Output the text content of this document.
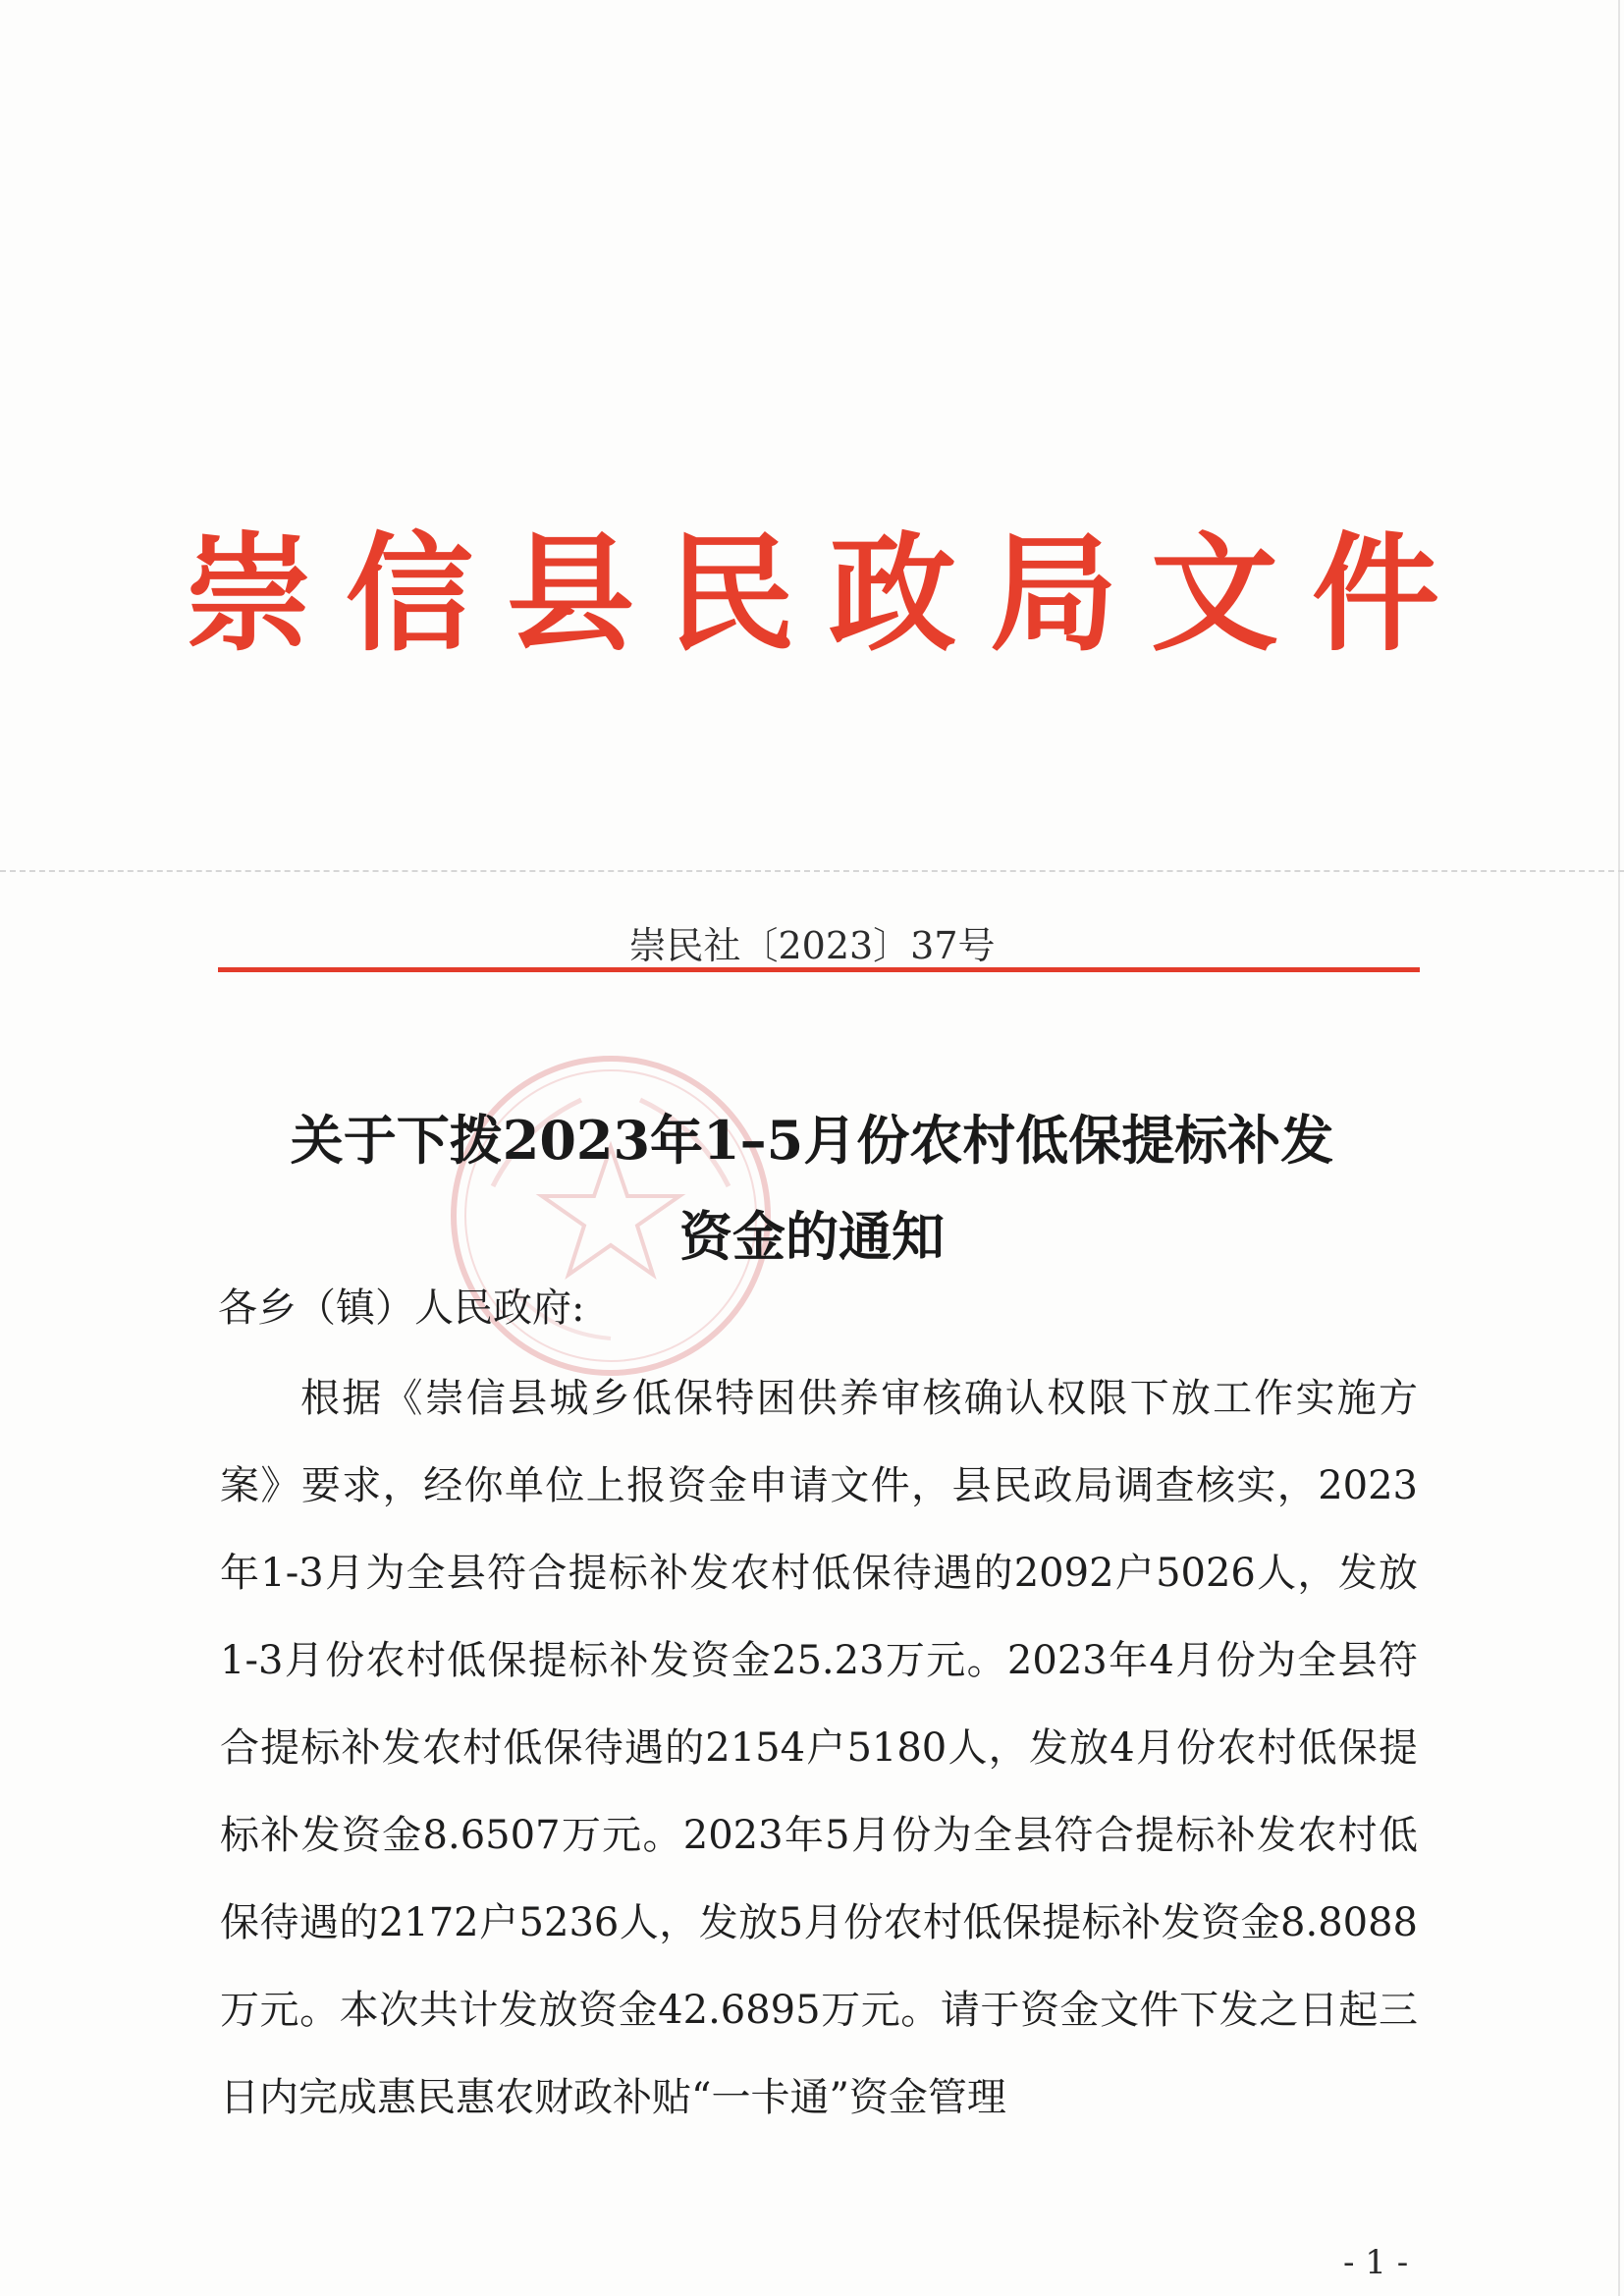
崇信县民政局文件
崇民社〔2023〕37号
关于下拨2023年1–5月份农村低保提标补发
资金的通知
各乡（镇）人民政府:
根据《崇信县城乡低保特困供养审核确认权限下放工作实施方案》要求，经你单位上报资金申请文件，县民政局调查核实，2023年1-3月为全县符合提标补发农村低保待遇的2092户5026人，发放1-3月份农村低保提标补发资金25.23万元。2023年4月份为全县符合提标补发农村低保待遇的2154户5180人，发放4月份农村低保提标补发资金8.6507万元。2023年5月份为全县符合提标补发农村低保待遇的2172户5236人，发放5月份农村低保提标补发资金8.8088万元。本次共计发放资金42.6895万元。请于资金文件下发之日起三日内完成惠民惠农财政补贴“一卡通”资金管理
- 1 -
